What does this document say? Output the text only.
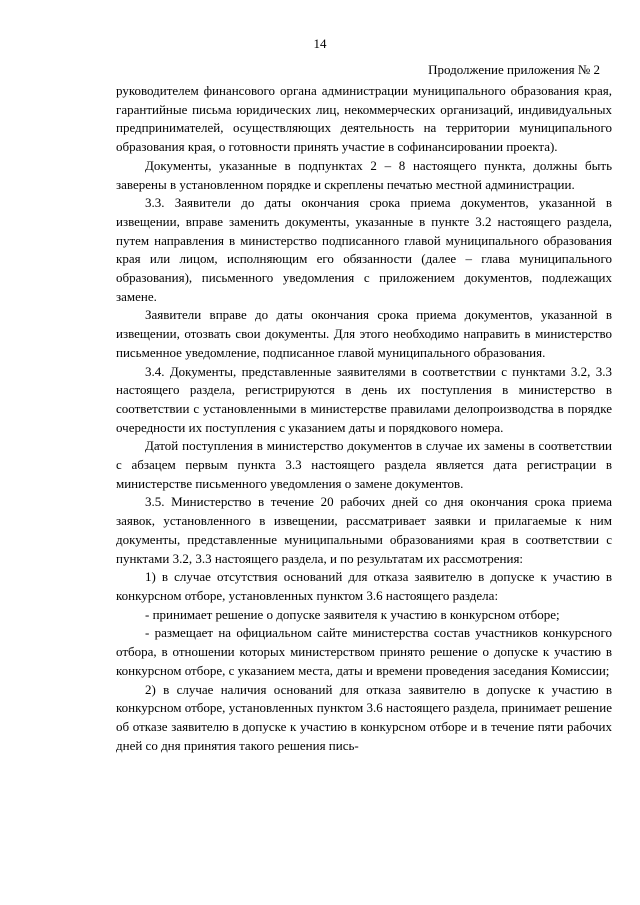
14
Продолжение приложения № 2

руководителем финансового органа администрации муниципального образования края, гарантийные письма юридических лиц, некоммерческих организаций, индивидуальных предпринимателей, осуществляющих деятельность на территории муниципального образования края, о готовности принять участие в софинансировании проекта).

Документы, указанные в подпунктах 2 – 8 настоящего пункта, должны быть заверены в установленном порядке и скреплены печатью местной администрации.

3.3. Заявители до даты окончания срока приема документов, указанной в извещении, вправе заменить документы, указанные в пункте 3.2 настоящего раздела, путем направления в министерство подписанного главой муниципального образования края или лицом, исполняющим его обязанности (далее – глава муниципального образования), письменного уведомления с приложением документов, подлежащих замене.

Заявители вправе до даты окончания срока приема документов, указанной в извещении, отозвать свои документы. Для этого необходимо направить в министерство письменное уведомление, подписанное главой муниципального образования.

3.4. Документы, представленные заявителями в соответствии с пунктами 3.2, 3.3 настоящего раздела, регистрируются в день их поступления в министерство в соответствии с установленными в министерстве правилами делопроизводства в порядке очередности их поступления с указанием даты и порядкового номера.

Датой поступления в министерство документов в случае их замены в соответствии с абзацем первым пункта 3.3 настоящего раздела является дата регистрации в министерстве письменного уведомления о замене документов.

3.5. Министерство в течение 20 рабочих дней со дня окончания срока приема заявок, установленного в извещении, рассматривает заявки и прилагаемые к ним документы, представленные муниципальными образованиями края в соответствии с пунктами 3.2, 3.3 настоящего раздела, и по результатам их рассмотрения:

1) в случае отсутствия оснований для отказа заявителю в допуске к участию в конкурсном отборе, установленных пунктом 3.6 настоящего раздела:

- принимает решение о допуске заявителя к участию в конкурсном отборе;

- размещает на официальном сайте министерства состав участников конкурсного отбора, в отношении которых министерством принято решение о допуске к участию в конкурсном отборе, с указанием места, даты и времени проведения заседания Комиссии;

2) в случае наличия оснований для отказа заявителю в допуске к участию в конкурсном отборе, установленных пунктом 3.6 настоящего раздела, принимает решение об отказе заявителю в допуске к участию в конкурсном отборе и в течение пяти рабочих дней со дня принятия такого решения пись-
